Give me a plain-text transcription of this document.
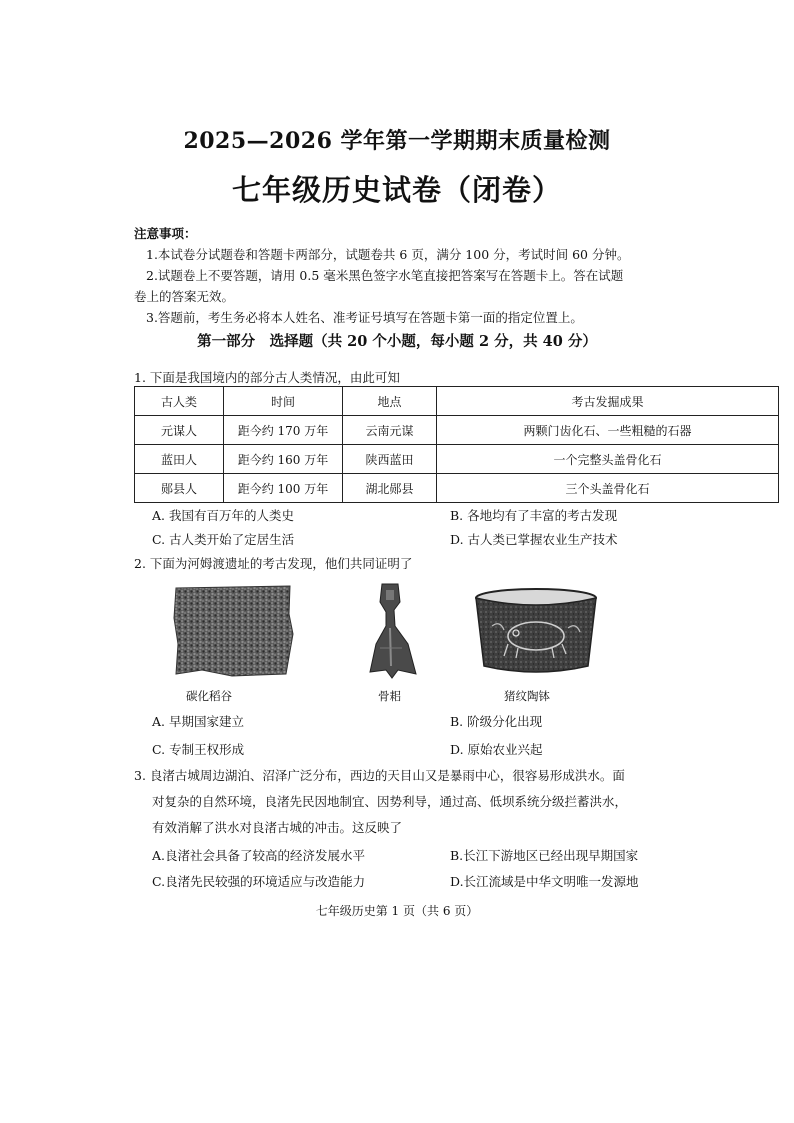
2025—2026 学年第一学期期末质量检测
七年级历史试卷（闭卷）
注意事项：
1.本试卷分试题卷和答题卡两部分，试题卷共 6 页，满分 100 分，考试时间 60 分钟。
2.试题卷上不要答题，请用 0.5 毫米黑色签字水笔直接把答案写在答题卡上。答在试题
卷上的答案无效。
3.答题前，考生务必将本人姓名、准考证号填写在答题卡第一面的指定位置上。
第一部分　选择题（共 20 个小题，每小题 2 分，共 40 分）
1. 下面是我国境内的部分古人类情况，由此可知
古人类	时间	地点	考古发掘成果
元谋人	距今约 170 万年	云南元谋	两颗门齿化石、一些粗糙的石器
蓝田人	距今约 160 万年	陕西蓝田	一个完整头盖骨化石
郧县人	距今约 100 万年	湖北郧县	三个头盖骨化石
A. 我国有百万年的人类史	B. 各地均有了丰富的考古发现
C. 古人类开始了定居生活	D. 古人类已掌握农业生产技术
2. 下面为河姆渡遗址的考古发现，他们共同证明了
碳化稻谷	骨耜	猪纹陶钵
A. 早期国家建立	B. 阶级分化出现
C. 专制王权形成	D. 原始农业兴起
3. 良渚古城周边湖泊、沼泽广泛分布，西边的天目山又是暴雨中心，很容易形成洪水。面
对复杂的自然环境，良渚先民因地制宜、因势利导，通过高、低坝系统分级拦蓄洪水，
有效消解了洪水对良渚古城的冲击。这反映了
A.良渚社会具备了较高的经济发展水平	B.长江下游地区已经出现早期国家
C.良渚先民较强的环境适应与改造能力	D.长江流域是中华文明唯一发源地
七年级历史第 1 页（共 6 页）
